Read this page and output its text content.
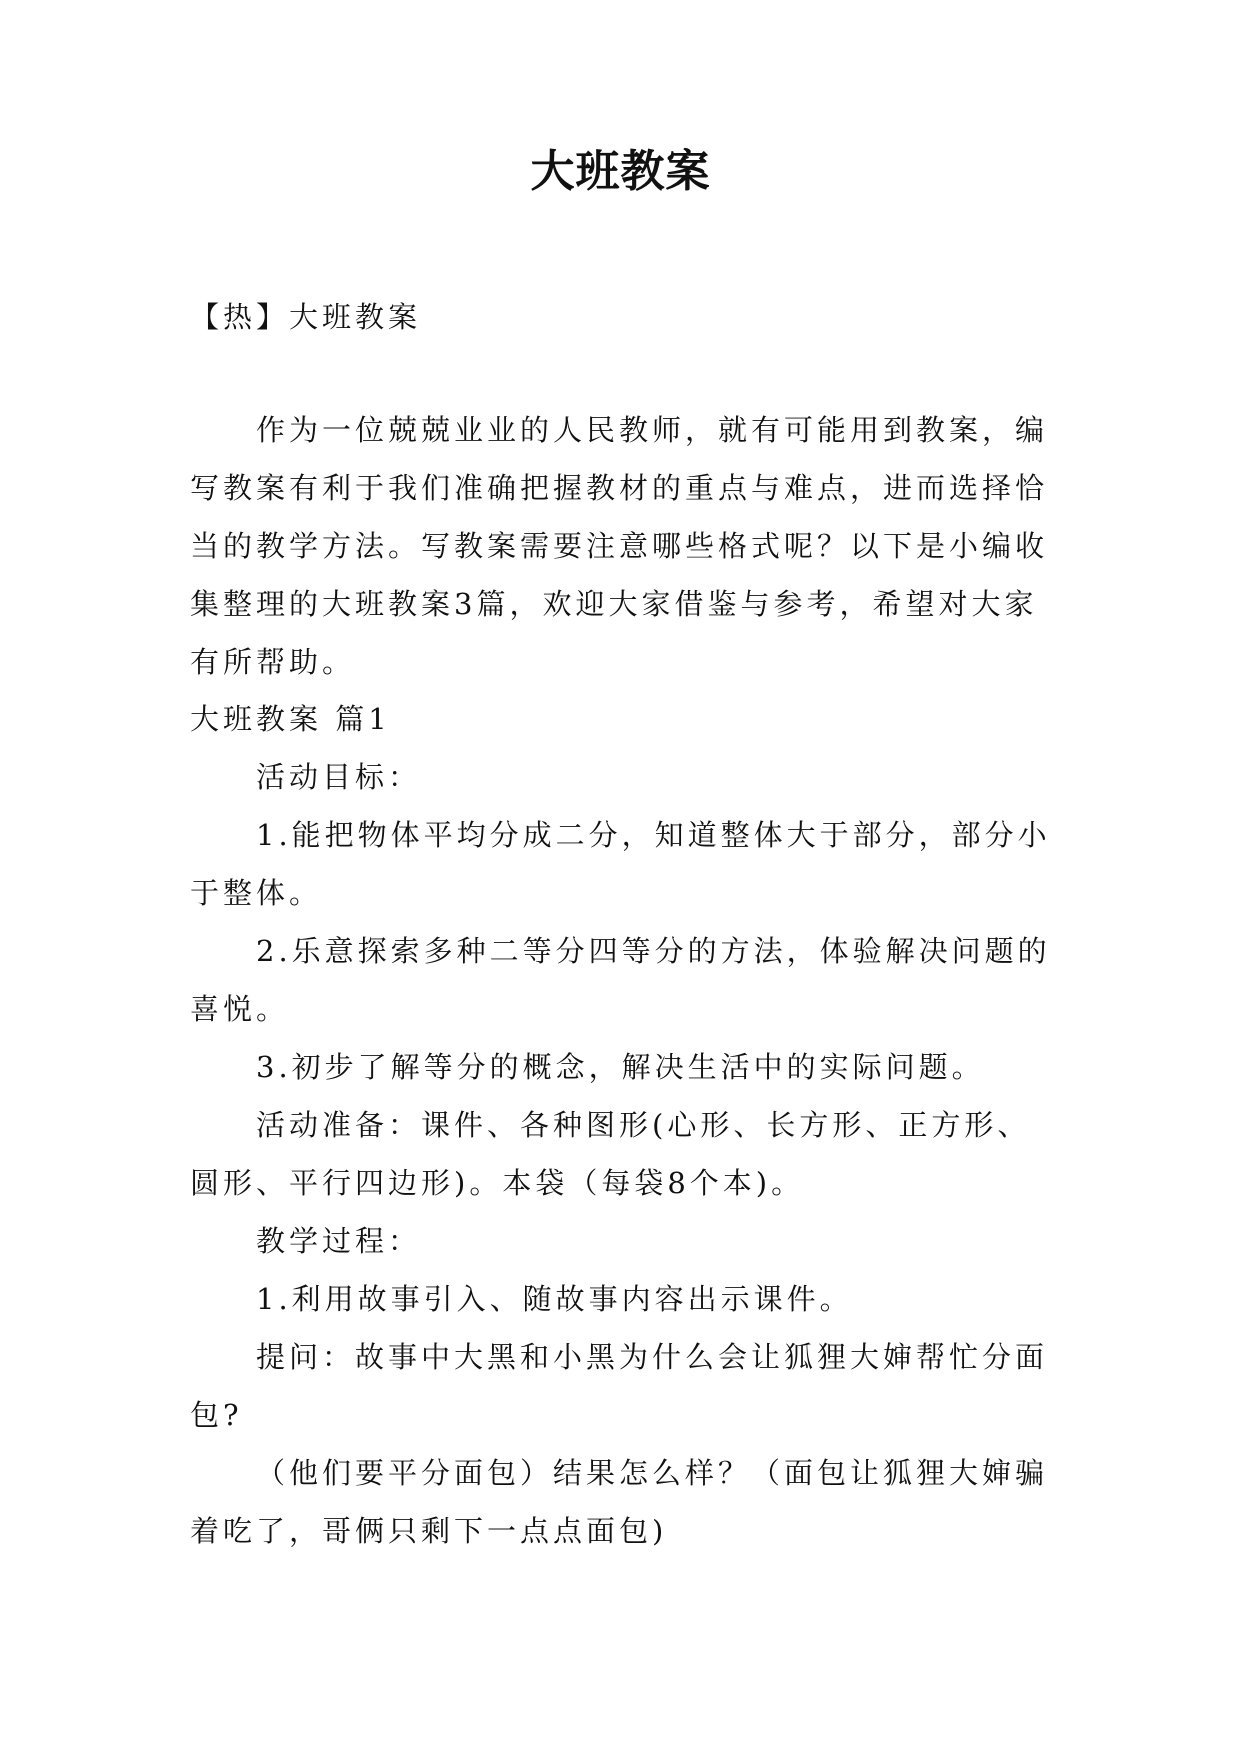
大班教案
【热】大班教案

作为一位兢兢业业的人民教师，就有可能用到教案，编写教案有利于我们准确把握教材的重点与难点，进而选择恰当的教学方法。写教案需要注意哪些格式呢？以下是小编收集整理的大班教案3篇，欢迎大家借鉴与参考，希望对大家有所帮助。

大班教案 篇1

活动目标：

1.能把物体平均分成二分，知道整体大于部分，部分小于整体。

2.乐意探索多种二等分四等分的方法，体验解决问题的喜悦。

3.初步了解等分的概念，解决生活中的实际问题。

活动准备：课件、各种图形(心形、长方形、正方形、圆形、平行四边形)。本袋（每袋8个本)。

教学过程：

1.利用故事引入、随故事内容出示课件。

提问：故事中大黑和小黑为什么会让狐狸大婶帮忙分面包?

（他们要平分面包）结果怎么样？（面包让狐狸大婶骗着吃了，哥俩只剩下一点点面包)
